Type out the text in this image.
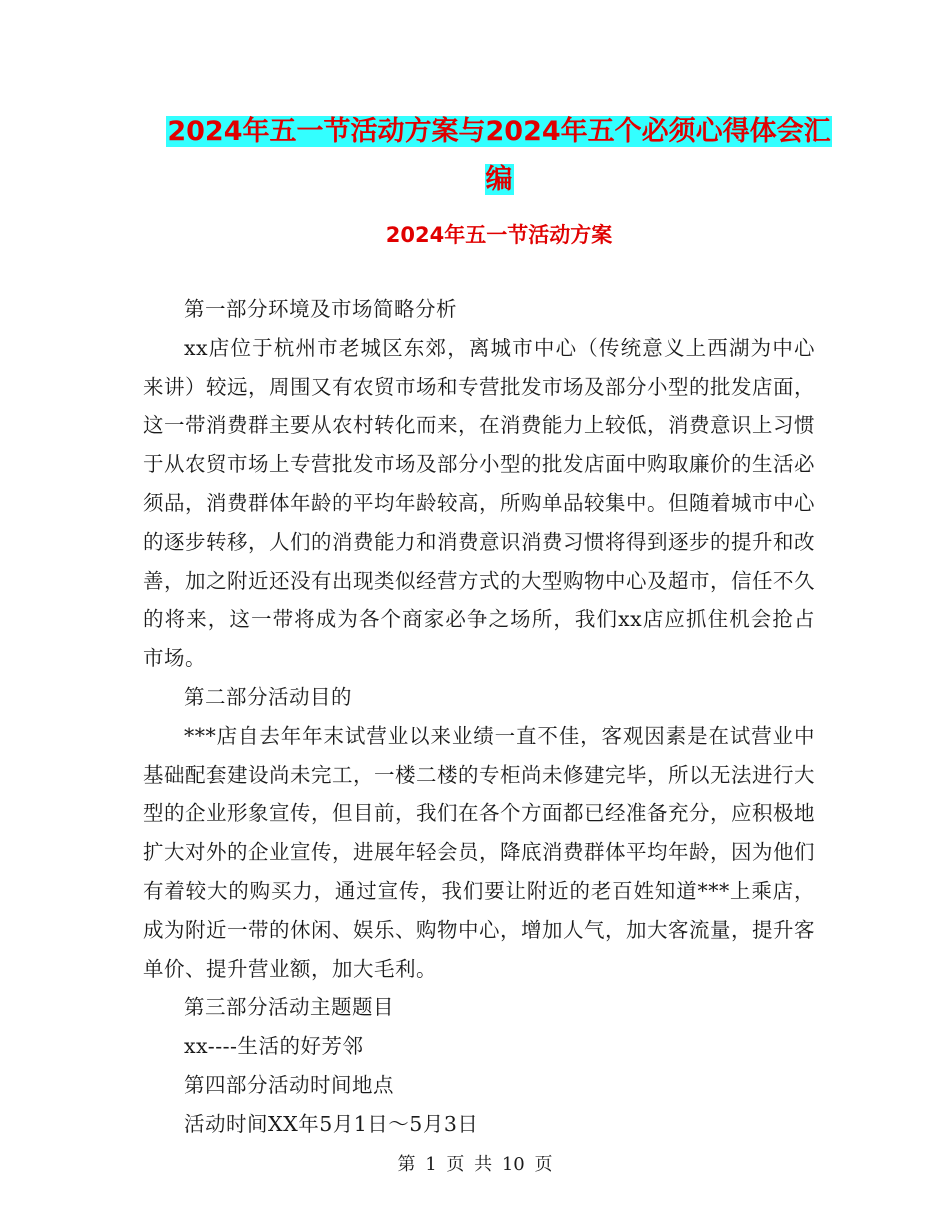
2024年五一节活动方案与2024年五个必须心得体会汇
编
2024年五一节活动方案

第一部分环境及市场简略分析

xx店位于杭州市老城区东郊，离城市中心（传统意义上西湖为中心来讲）较远，周围又有农贸市场和专营批发市场及部分小型的批发店面，这一带消费群主要从农村转化而来，在消费能力上较低，消费意识上习惯于从农贸市场上专营批发市场及部分小型的批发店面中购取廉价的生活必须品，消费群体年龄的平均年龄较高，所购单品较集中。但随着城市中心的逐步转移，人们的消费能力和消费意识消费习惯将得到逐步的提升和改善，加之附近还没有出现类似经营方式的大型购物中心及超市，信任不久的将来，这一带将成为各个商家必争之场所，我们xx店应抓住机会抢占市场。

第二部分活动目的

***店自去年年末试营业以来业绩一直不佳，客观因素是在试营业中基础配套建设尚未完工，一楼二楼的专柜尚未修建完毕，所以无法进行大型的企业形象宣传，但目前，我们在各个方面都已经准备充分，应积极地扩大对外的企业宣传，进展年轻会员，降底消费群体平均年龄，因为他们有着较大的购买力，通过宣传，我们要让附近的老百姓知道***上乘店，成为附近一带的休闲、娱乐、购物中心，增加人气，加大客流量，提升客单价、提升营业额，加大毛利。

第三部分活动主题题目

xx----生活的好芳邻

第四部分活动时间地点

活动时间XX年5月1日～5月3日

第 1 页 共 10 页
